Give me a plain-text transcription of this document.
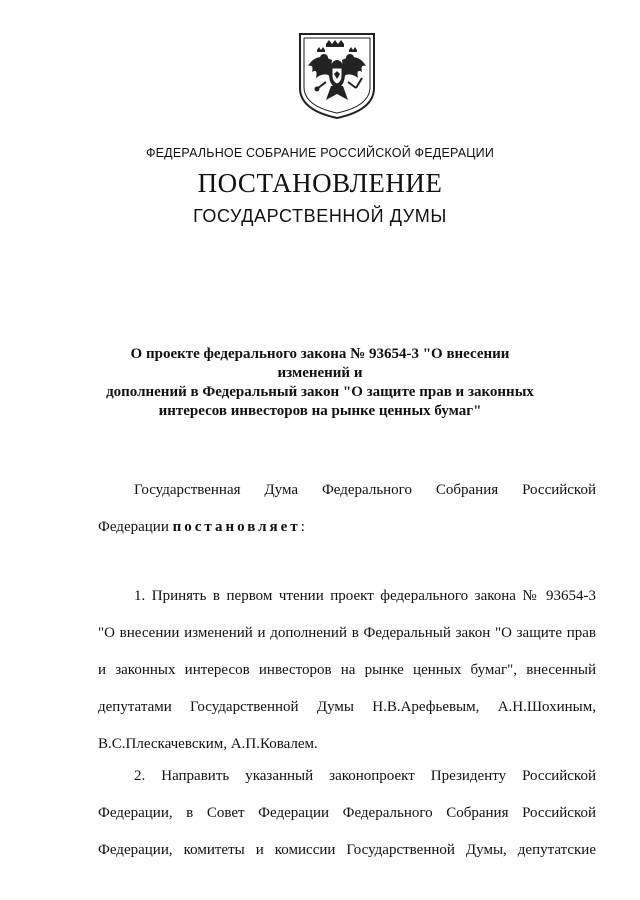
ФЕДЕРАЛЬНОЕ СОБРАНИЕ РОССИЙСКОЙ ФЕДЕРАЦИИ
ПОСТАНОВЛЕНИЕ
ГОСУДАРСТВЕННОЙ ДУМЫ
О проекте федерального закона № 93654-3 "О внесении изменений и
дополнений в Федеральный закон "О защите прав и законных
интересов инвесторов на рынке ценных бумаг"
Государственная Дума Федерального Собрания Российской
Федерации постановляет:
1. Принять в первом чтении проект федерального закона № 93654-3
"О внесении изменений и дополнений в Федеральный закон "О защите прав
и законных интересов инвесторов на рынке ценных бумаг", внесенный
депутатами Государственной Думы Н.В.Арефьевым, А.Н.Шохиным,
В.С.Плескачевским, А.П.Ковалем.
2. Направить указанный законопроект Президенту Российской
Федерации, в Совет Федерации Федерального Собрания Российской
Федерации, комитеты и комиссии Государственной Думы, депутатские
